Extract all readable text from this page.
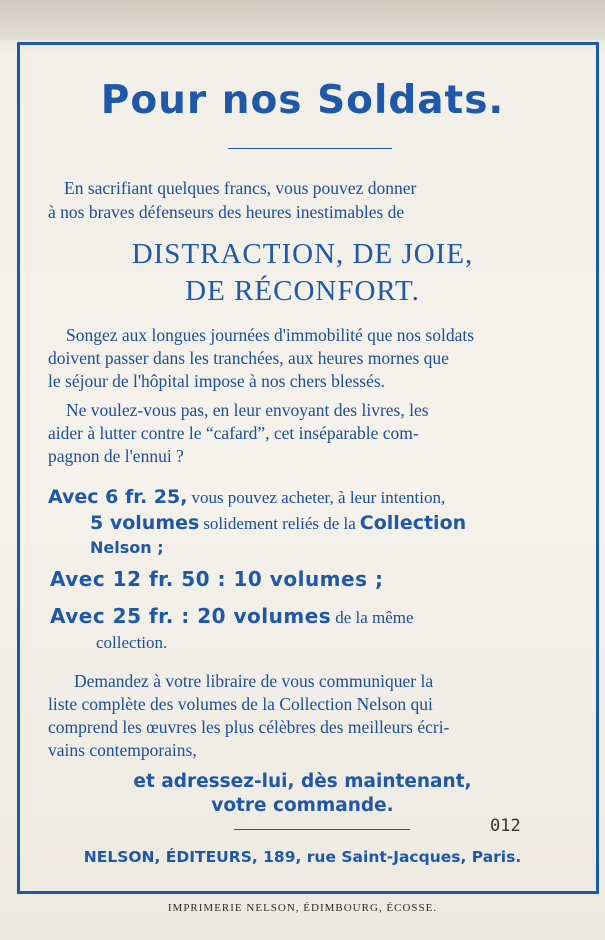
Pour nos Soldats.
En sacrifiant quelques francs, vous pouvez donner
à nos braves défenseurs des heures inestimables de
DISTRACTION, DE JOIE,
DE RÉCONFORT.
Songez aux longues journées d'immobilité que nos soldats
doivent passer dans les tranchées, aux heures mornes que
le séjour de l'hôpital impose à nos chers blessés.
Ne voulez-vous pas, en leur envoyant des livres, les
aider à lutter contre le “cafard”, cet inséparable com-
pagnon de l'ennui ?
Avec 6 fr. 25, vous pouvez acheter, à leur intention,
5 volumes solidement reliés de la Collection
Nelson ;
Avec 12 fr. 50 : 10 volumes ;
Avec 25 fr. : 20 volumes de la même
collection.
Demandez à votre libraire de vous communiquer la
liste complète des volumes de la Collection Nelson qui
comprend les œuvres les plus célèbres des meilleurs écri-
vains contemporains,
et adressez-lui, dès maintenant,
votre commande.
012
NELSON, ÉDITEURS, 189, rue Saint-Jacques, Paris.
IMPRIMERIE NELSON, ÉDIMBOURG, ÉCOSSE.
